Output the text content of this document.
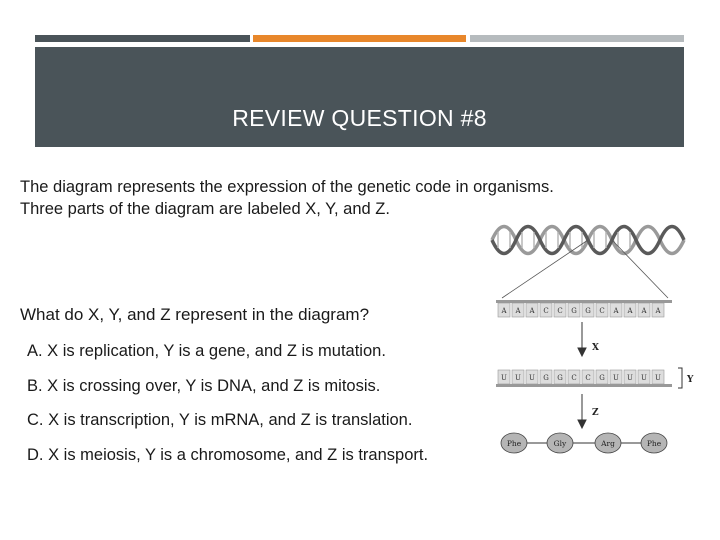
REVIEW QUESTION #8
The diagram represents the expression of the genetic code in organisms. Three parts of the diagram are labeled X, Y, and Z.
What do X, Y, and Z represent in the diagram?
A. X is replication, Y is a gene, and Z is mutation.
B. X is crossing over, Y is DNA, and Z is mitosis.
C. X is transcription, Y is mRNA, and Z is translation.
D. X is meiosis, Y is a chromosome, and Z is transport.
A A A C C G G C A A A A
X
U U U G G C C G U U U U	Y
Z
Phe	Gly	Arg	Phe
